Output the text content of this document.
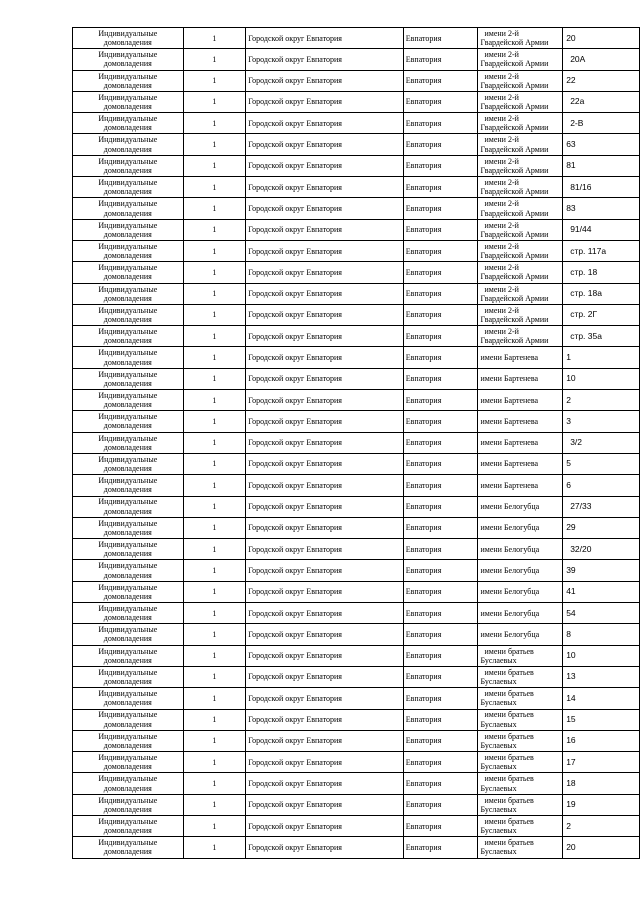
Индивидуальные
домовладения	1	Городской округ Евпатория	Евпатория	имени 2-й
Гвардейской Армии	20

Индивидуальные
домовладения	1	Городской округ Евпатория	Евпатория	имени 2-й
Гвардейской Армии	20А

Индивидуальные
домовладения	1	Городской округ Евпатория	Евпатория	имени 2-й
Гвардейской Армии	22

Индивидуальные
домовладения	1	Городской округ Евпатория	Евпатория	имени 2-й
Гвардейской Армии	22а

Индивидуальные
домовладения	1	Городской округ Евпатория	Евпатория	имени 2-й
Гвардейской Армии	2-В

Индивидуальные
домовладения	1	Городской округ Евпатория	Евпатория	имени 2-й
Гвардейской Армии	63

Индивидуальные
домовладения	1	Городской округ Евпатория	Евпатория	имени 2-й
Гвардейской Армии	81

Индивидуальные
домовладения	1	Городской округ Евпатория	Евпатория	имени 2-й
Гвардейской Армии	81/16

Индивидуальные
домовладения	1	Городской округ Евпатория	Евпатория	имени 2-й
Гвардейской Армии	83

Индивидуальные
домовладения	1	Городской округ Евпатория	Евпатория	имени 2-й
Гвардейской Армии	91/44

Индивидуальные
домовладения	1	Городской округ Евпатория	Евпатория	имени 2-й
Гвардейской Армии	стр. 117а

Индивидуальные
домовладения	1	Городской округ Евпатория	Евпатория	имени 2-й
Гвардейской Армии	стр. 18

Индивидуальные
домовладения	1	Городской округ Евпатория	Евпатория	имени 2-й
Гвардейской Армии	стр. 18а

Индивидуальные
домовладения	1	Городской округ Евпатория	Евпатория	имени 2-й
Гвардейской Армии	стр. 2Г

Индивидуальные
домовладения	1	Городской округ Евпатория	Евпатория	имени 2-й
Гвардейской Армии	стр. 35а

Индивидуальные
домовладения	1	Городской округ Евпатория	Евпатория	имени Бартенева	1

Индивидуальные
домовладения	1	Городской округ Евпатория	Евпатория	имени Бартенева	10

Индивидуальные
домовладения	1	Городской округ Евпатория	Евпатория	имени Бартенева	2

Индивидуальные
домовладения	1	Городской округ Евпатория	Евпатория	имени Бартенева	3

Индивидуальные
домовладения	1	Городской округ Евпатория	Евпатория	имени Бартенева	3/2

Индивидуальные
домовладения	1	Городской округ Евпатория	Евпатория	имени Бартенева	5

Индивидуальные
домовладения	1	Городской округ Евпатория	Евпатория	имени Бартенева	6

Индивидуальные
домовладения	1	Городской округ Евпатория	Евпатория	имени Белогубца	27/33

Индивидуальные
домовладения	1	Городской округ Евпатория	Евпатория	имени Белогубца	29

Индивидуальные
домовладения	1	Городской округ Евпатория	Евпатория	имени Белогубца	32/20

Индивидуальные
домовладения	1	Городской округ Евпатория	Евпатория	имени Белогубца	39

Индивидуальные
домовладения	1	Городской округ Евпатория	Евпатория	имени Белогубца	41

Индивидуальные
домовладения	1	Городской округ Евпатория	Евпатория	имени Белогубца	54

Индивидуальные
домовладения	1	Городской округ Евпатория	Евпатория	имени Белогубца	8

Индивидуальные
домовладения	1	Городской округ Евпатория	Евпатория	имени братьев
Буслаевых	10

Индивидуальные
домовладения	1	Городской округ Евпатория	Евпатория	имени братьев
Буслаевых	13

Индивидуальные
домовладения	1	Городской округ Евпатория	Евпатория	имени братьев
Буслаевых	14

Индивидуальные
домовладения	1	Городской округ Евпатория	Евпатория	имени братьев
Буслаевых	15

Индивидуальные
домовладения	1	Городской округ Евпатория	Евпатория	имени братьев
Буслаевых	16

Индивидуальные
домовладения	1	Городской округ Евпатория	Евпатория	имени братьев
Буслаевых	17

Индивидуальные
домовладения	1	Городской округ Евпатория	Евпатория	имени братьев
Буслаевых	18

Индивидуальные
домовладения	1	Городской округ Евпатория	Евпатория	имени братьев
Буслаевых	19

Индивидуальные
домовладения	1	Городской округ Евпатория	Евпатория	имени братьев
Буслаевых	2

Индивидуальные
домовладения	1	Городской округ Евпатория	Евпатория	имени братьев
Буслаевых	20
